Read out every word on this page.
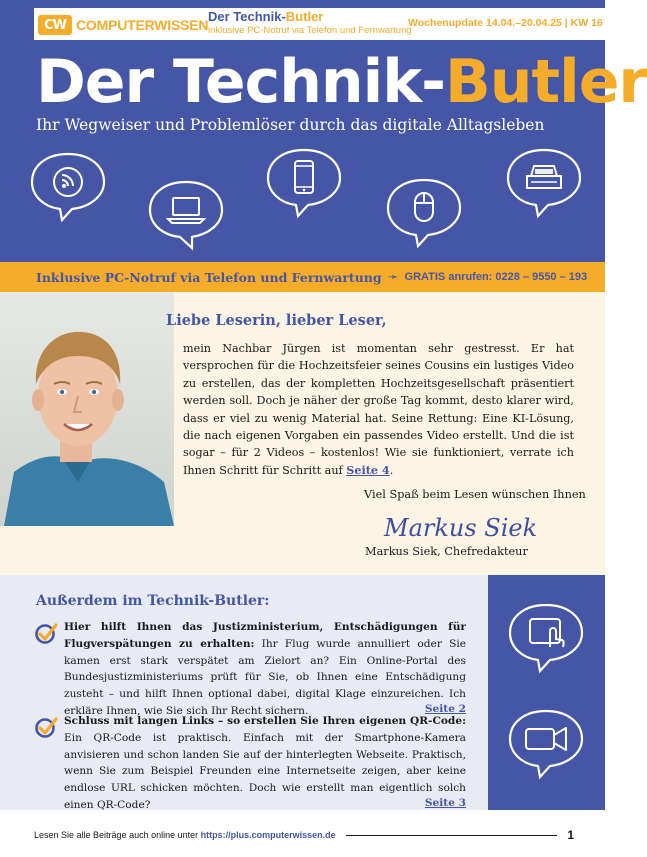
CW COMPUTERWISSEN
Der Technik-Butler
inklusive PC-Notruf via Telefon und Fernwartung
Wochenupdate 14.04.–20.04.25 | KW 16
Der Technik-Butler
Ihr Wegweiser und Problemlöser durch das digitale Alltagsleben
Inklusive PC-Notruf via Telefon und Fernwartung ➛ GRATIS anrufen: 0228 – 9550 – 193
Liebe Leserin, lieber Leser,
mein Nachbar Jürgen ist momentan sehr gestresst. Er hat versprochen für die Hochzeitsfeier seines Cousins ein lustiges Video zu erstellen, das der kompletten Hochzeitsgesellschaft präsentiert werden soll. Doch je näher der große Tag kommt, desto klarer wird, dass er viel zu wenig Material hat. Seine Rettung: Eine KI-Lösung, die nach eigenen Vorgaben ein passendes Video erstellt. Und die ist sogar – für 2 Videos – kostenlos! Wie sie funktioniert, verrate ich Ihnen Schritt für Schritt auf Seite 4.
Viel Spaß beim Lesen wünschen Ihnen
Markus Siek
Markus Siek, Chefredakteur
Außerdem im Technik-Butler:
Hier hilft Ihnen das Justizministerium, Entschädigungen für Flugverspätungen zu erhalten: Ihr Flug wurde annulliert oder Sie kamen erst stark verspätet am Zielort an? Ein Online-Portal des Bundesjustizministeriums prüft für Sie, ob Ihnen eine Entschädigung zusteht – und hilft Ihnen optional dabei, digital Klage einzureichen. Ich erkläre Ihnen, wie Sie sich Ihr Recht sichern.	Seite 2
Schluss mit langen Links – so erstellen Sie Ihren eigenen QR-Code: Ein QR-Code ist praktisch. Einfach mit der Smartphone-Kamera anvisieren und schon landen Sie auf der hinterlegten Webseite. Praktisch, wenn Sie zum Beispiel Freunden eine Internetseite zeigen, aber keine endlose URL schicken möchten. Doch wie erstellt man eigentlich solch einen QR-Code?	Seite 3
Lesen Sie alle Beiträge auch online unter https://plus.computerwissen.de	1
